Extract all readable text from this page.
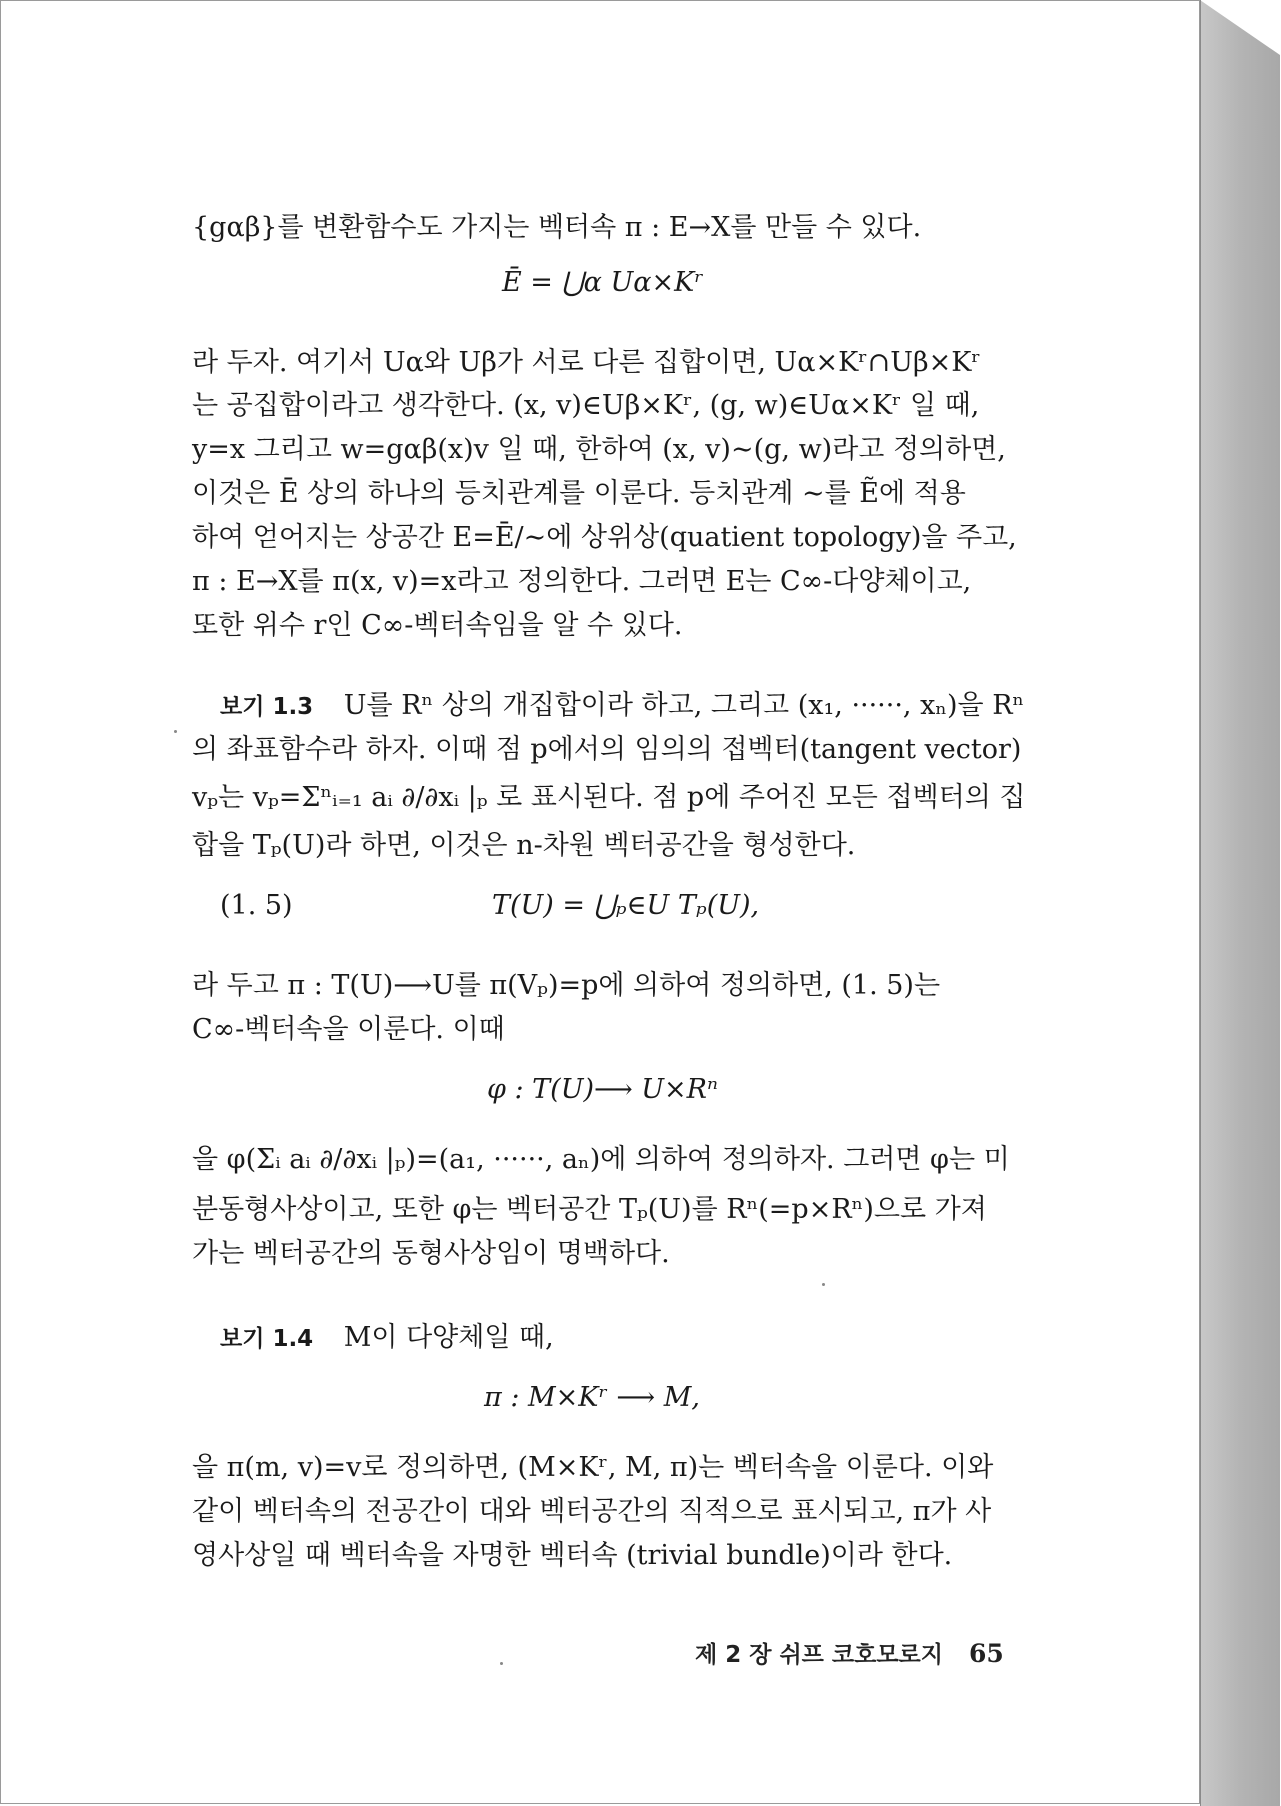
{gαβ}를 변환함수도 가지는 벡터속 π : E→X를 만들 수 있다.
Ē = ⋃α Uα×Kʳ
라 두자. 여기서 Uα와 Uβ가 서로 다른 집합이면, Uα×Kʳ∩Uβ×Kʳ
는 공집합이라고 생각한다. (x, v)∈Uβ×Kʳ, (g, w)∈Uα×Kʳ 일 때,
y=x 그리고 w=gαβ(x)v 일 때, 한하여 (x, v)∼(g, w)라고 정의하면,
이것은 Ē 상의 하나의 등치관계를 이룬다. 등치관계 ∼를 Ẽ에 적용
하여 얻어지는 상공간 E=Ē/∼에 상위상(quatient topology)을 주고,
π : E→X를 π(x, v)=x라고 정의한다. 그러면 E는 C∞-다양체이고,
또한 위수 r인 C∞-벡터속임을 알 수 있다.
보기 1.3 U를 Rⁿ 상의 개집합이라 하고, 그리고 (x₁, ······, xₙ)을 Rⁿ
의 좌표함수라 하자. 이때 점 p에서의 임의의 접벡터(tangent vector)
vₚ는 vₚ=Σⁿᵢ₌₁ aᵢ ∂/∂xᵢ |ₚ 로 표시된다. 점 p에 주어진 모든 접벡터의 집
합을 Tₚ(U)라 하면, 이것은 n-차원 벡터공간을 형성한다.
(1. 5)	T(U) = ⋃ₚ∈U Tₚ(U),
라 두고 π : T(U)⟶U를 π(Vₚ)=p에 의하여 정의하면, (1. 5)는
C∞-벡터속을 이룬다. 이때
φ : T(U)⟶ U×Rⁿ
을 φ(Σᵢ aᵢ ∂/∂xᵢ |ₚ)=(a₁, ······, aₙ)에 의하여 정의하자. 그러면 φ는 미
분동형사상이고, 또한 φ는 벡터공간 Tₚ(U)를 Rⁿ(=p×Rⁿ)으로 가져
가는 벡터공간의 동형사상임이 명백하다.
보기 1.4 M이 다양체일 때,
π : M×Kʳ ⟶ M,
을 π(m, v)=v로 정의하면, (M×Kʳ, M, π)는 벡터속을 이룬다. 이와
같이 벡터속의 전공간이 대와 벡터공간의 직적으로 표시되고, π가 사
영사상일 때 벡터속을 자명한 벡터속 (trivial bundle)이라 한다.
제 2 장 쉬프 코호모로지 65
